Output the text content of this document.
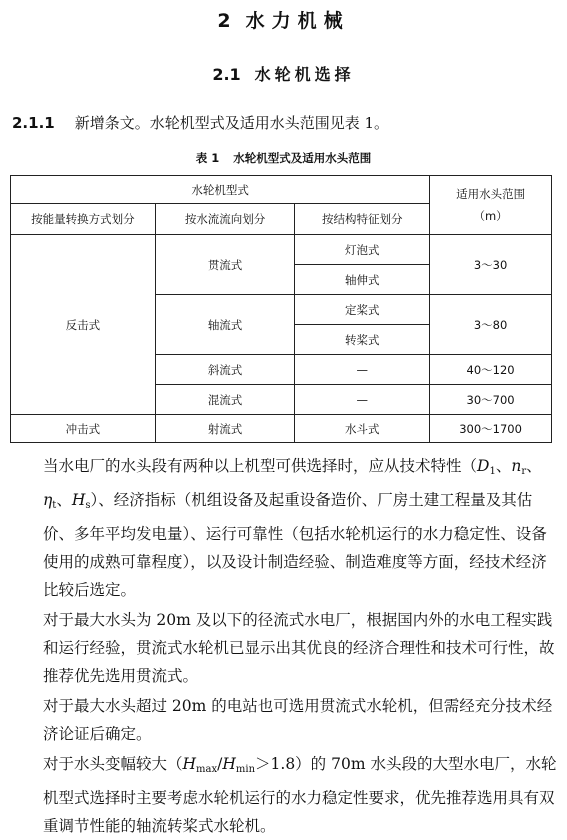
2 水力机械
2.1 水轮机选择
2.1.1 新增条文。水轮机型式及适用水头范围见表 1。
表 1 水轮机型式及适用水头范围
水轮机型式			适用水头范围
（m）

按能量转换方式划分	按水流流向划分	按结构特征划分	
反击式	贯流式	灯泡式	3～30
		轴伸式	
	轴流式	定桨式	3～80
		转桨式	
	斜流式	—	40～120
	混流式	—	30～700
冲击式	射流式	水斗式	300～1700

当水电厂的水头段有两种以上机型可供选择时，应从技术特性（$D_1$、$n_r$、$\eta_t$、$H_s$）、经济指标（机组设备及起重设备造价、厂房土建工程量及其估价、多年平均发电量）、运行可靠性（包括水轮机运行的水力稳定性、设备使用的成熟可靠程度），以及设计制造经验、制造难度等方面，经技术经济比较后选定。

对于最大水头为 20m 及以下的径流式水电厂，根据国内外的水电工程实践和运行经验，贯流式水轮机已显示出其优良的经济合理性和技术可行性，故推荐优先选用贯流式。

对于最大水头超过 20m 的电站也可选用贯流式水轮机，但需经充分技术经济论证后确定。

对于水头变幅较大$(H_{max}/H_{min}>1.8)$的 70m 水头段的大型水电厂，水轮机型式选择时主要考虑水轮机运行的水力稳定性要求，优先推荐选用具有双重调节性能的轴流转桨式水轮机。
